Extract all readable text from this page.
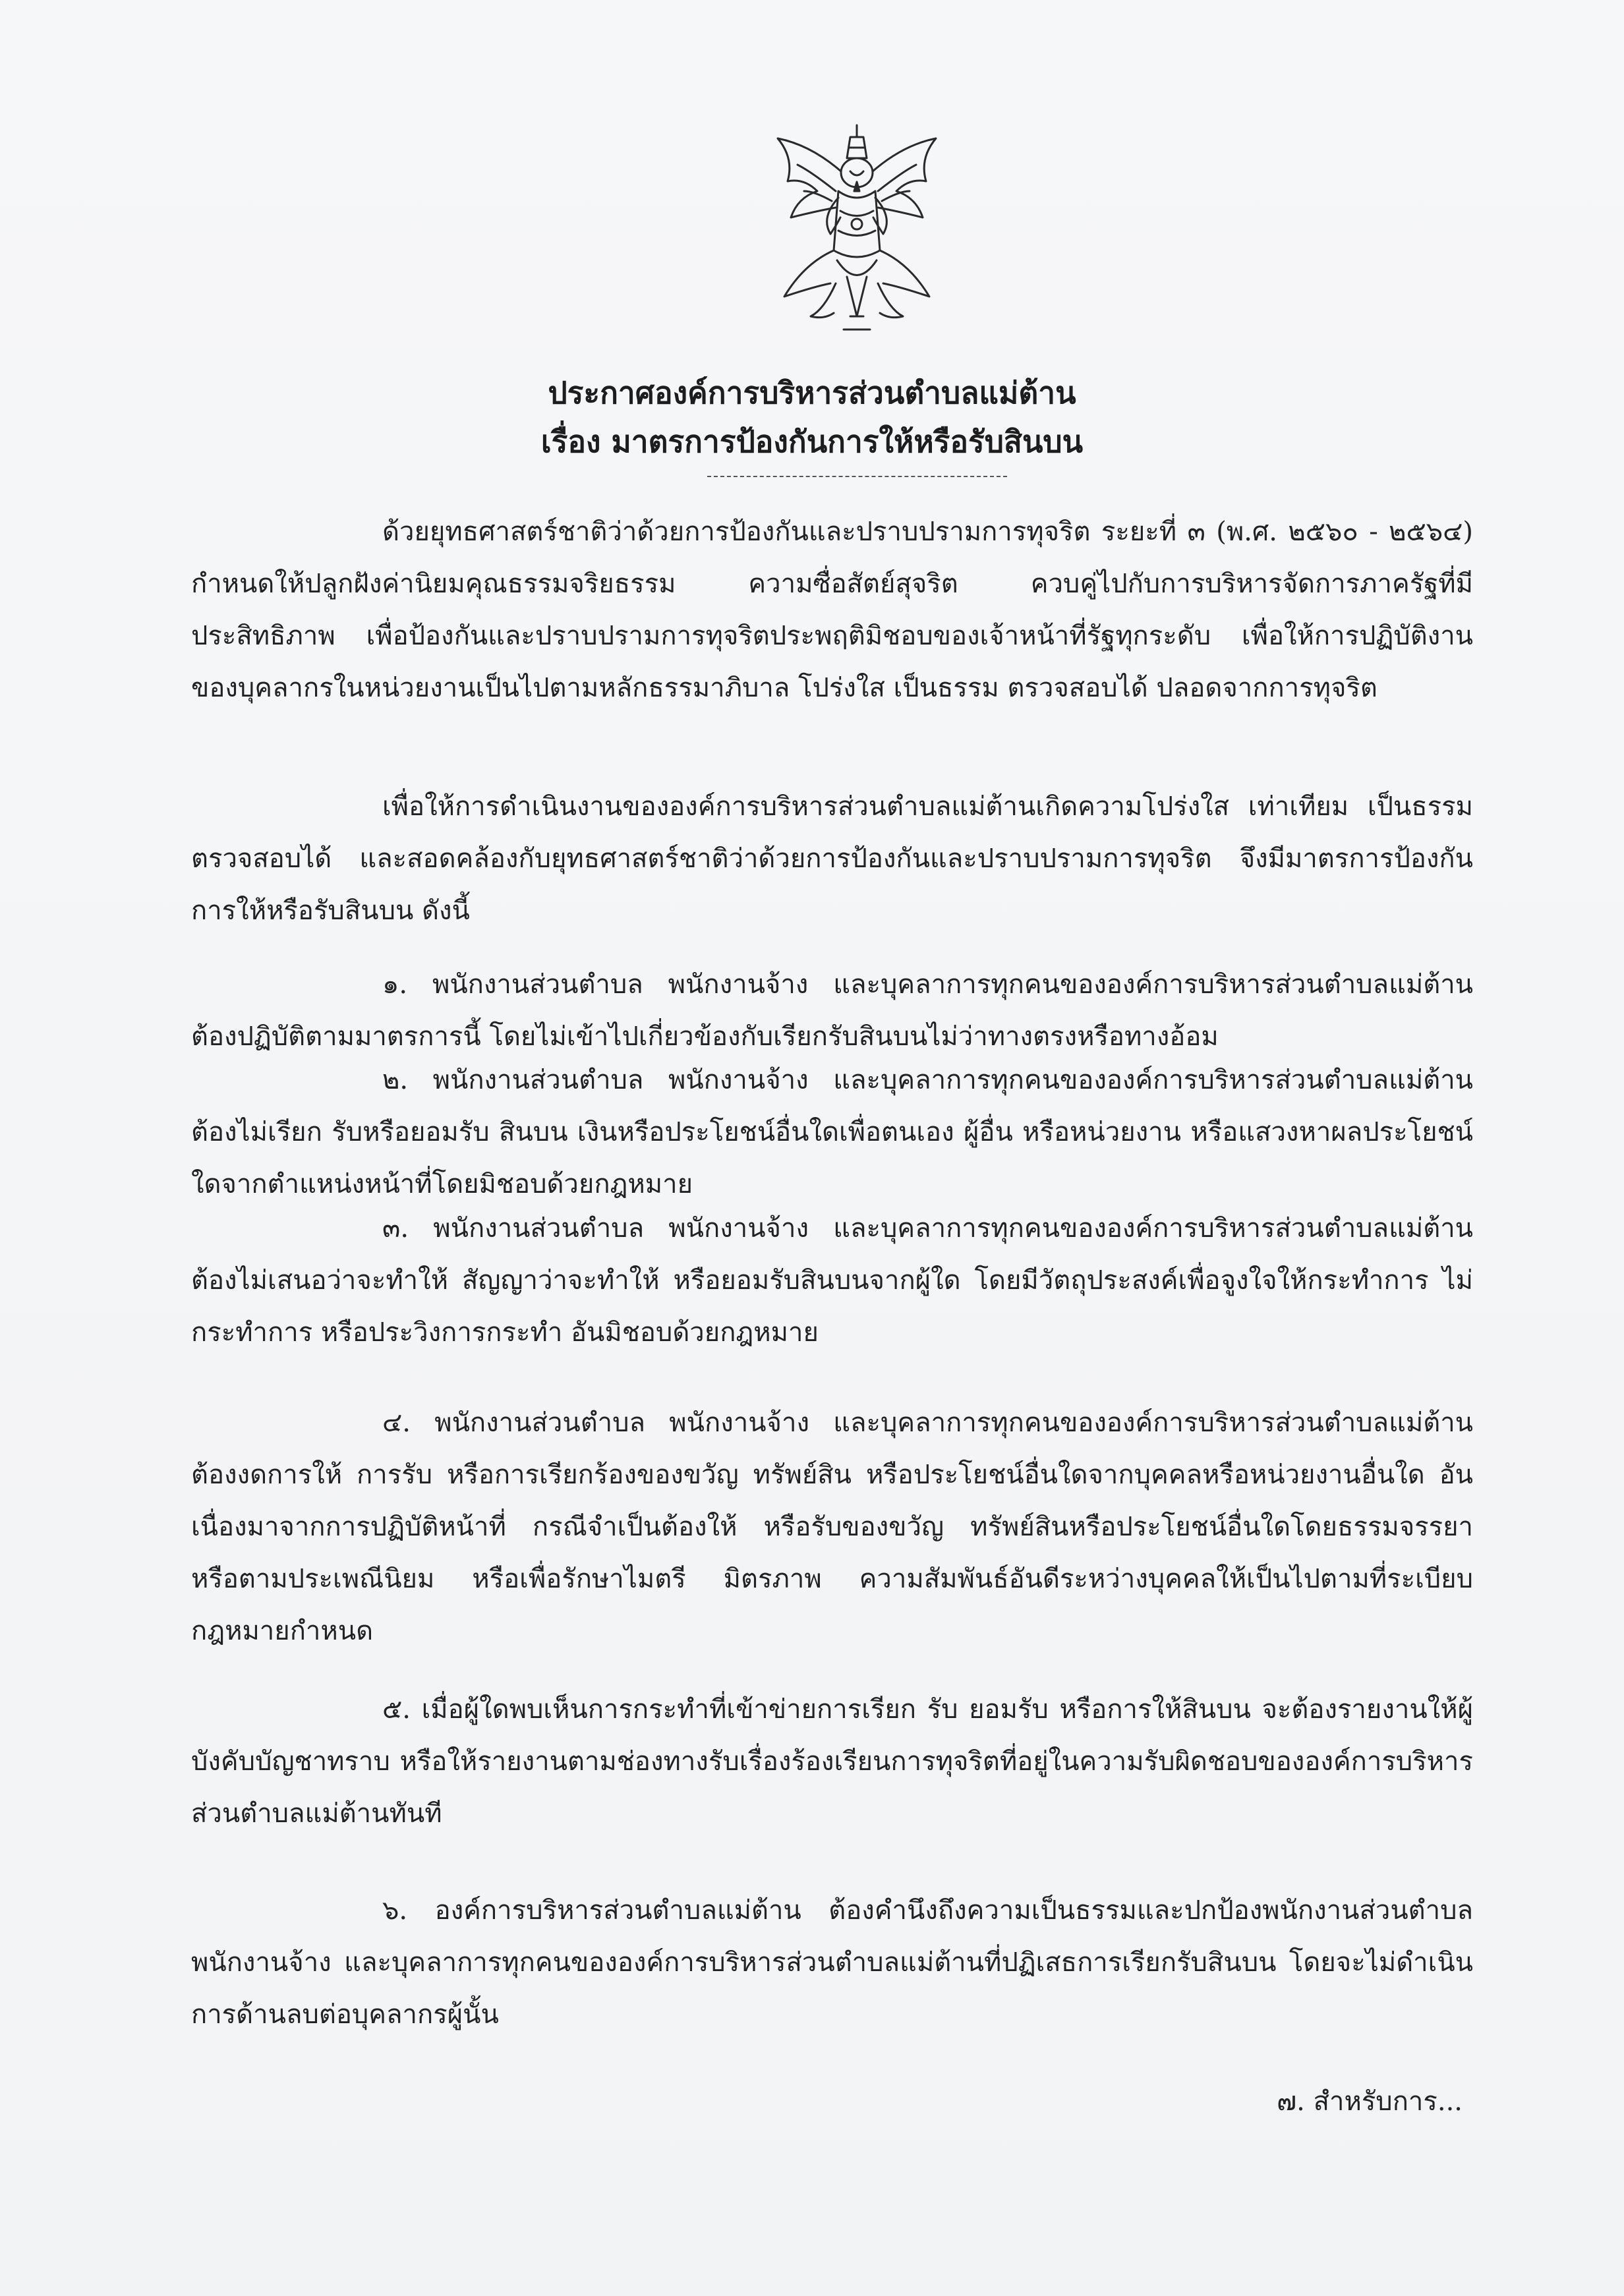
ประกาศองค์การบริหารส่วนตำบลแม่ต้าน
เรื่อง มาตรการป้องกันการให้หรือรับสินบน

ด้วยยุทธศาสตร์ชาติว่าด้วยการป้องกันและปราบปรามการทุจริต ระยะที่ ๓ (พ.ศ. ๒๕๖๐ - ๒๕๖๔) กำหนดให้ปลูกฝังค่านิยมคุณธรรมจริยธรรม ความซื่อสัตย์สุจริต ควบคู่ไปกับการบริหารจัดการภาครัฐที่มีประสิทธิภาพ เพื่อป้องกันและปราบปรามการทุจริตประพฤติมิชอบของเจ้าหน้าที่รัฐทุกระดับ เพื่อให้การปฏิบัติงานของบุคลากรในหน่วยงานเป็นไปตามหลักธรรมาภิบาล โปร่งใส เป็นธรรม ตรวจสอบได้ ปลอดจากการทุจริต

เพื่อให้การดำเนินงานขององค์การบริหารส่วนตำบลแม่ต้านเกิดความโปร่งใส เท่าเทียม เป็นธรรม ตรวจสอบได้ และสอดคล้องกับยุทธศาสตร์ชาติว่าด้วยการป้องกันและปราบปรามการทุจริต จึงมีมาตรการป้องกันการให้หรือรับสินบน ดังนี้

๑. พนักงานส่วนตำบล พนักงานจ้าง และบุคลาการทุกคนขององค์การบริหารส่วนตำบลแม่ต้าน ต้องปฏิบัติตามมาตรการนี้ โดยไม่เข้าไปเกี่ยวข้องกับเรียกรับสินบนไม่ว่าทางตรงหรือทางอ้อม

๒. พนักงานส่วนตำบล พนักงานจ้าง และบุคลาการทุกคนขององค์การบริหารส่วนตำบลแม่ต้าน ต้องไม่เรียก รับหรือยอมรับ สินบน เงินหรือประโยชน์อื่นใดเพื่อตนเอง ผู้อื่น หรือหน่วยงาน หรือแสวงหาผลประโยชน์ใดจากตำแหน่งหน้าที่โดยมิชอบด้วยกฎหมาย

๓. พนักงานส่วนตำบล พนักงานจ้าง และบุคลาการทุกคนขององค์การบริหารส่วนตำบลแม่ต้าน ต้องไม่เสนอว่าจะทำให้ สัญญาว่าจะทำให้ หรือยอมรับสินบนจากผู้ใด โดยมีวัตถุประสงค์เพื่อจูงใจให้กระทำการ ไม่กระทำการ หรือประวิงการกระทำ อันมิชอบด้วยกฎหมาย

๔. พนักงานส่วนตำบล พนักงานจ้าง และบุคลาการทุกคนขององค์การบริหารส่วนตำบลแม่ต้าน ต้องงดการให้ การรับ หรือการเรียกร้องของขวัญ ทรัพย์สิน หรือประโยชน์อื่นใดจากบุคคลหรือหน่วยงานอื่นใด อันเนื่องมาจากการปฏิบัติหน้าที่ กรณีจำเป็นต้องให้ หรือรับของขวัญ ทรัพย์สินหรือประโยชน์อื่นใดโดยธรรมจรรยา หรือตามประเพณีนิยม หรือเพื่อรักษาไมตรี มิตรภาพ ความสัมพันธ์อันดีระหว่างบุคคลให้เป็นไปตามที่ระเบียบ กฎหมายกำหนด

๕. เมื่อผู้ใดพบเห็นการกระทำที่เข้าข่ายการเรียก รับ ยอมรับ หรือการให้สินบน จะต้องรายงานให้ผู้บังคับบัญชาทราบ หรือให้รายงานตามช่องทางรับเรื่องร้องเรียนการทุจริตที่อยู่ในความรับผิดชอบขององค์การบริหารส่วนตำบลแม่ต้านทันที

๖. องค์การบริหารส่วนตำบลแม่ต้าน ต้องคำนึงถึงความเป็นธรรมและปกป้องพนักงานส่วนตำบล พนักงานจ้าง และบุคลาการทุกคนขององค์การบริหารส่วนตำบลแม่ต้านที่ปฏิเสธการเรียกรับสินบน โดยจะไม่ดำเนินการด้านลบต่อบุคลากรผู้นั้น

๗. สำหรับการ...
